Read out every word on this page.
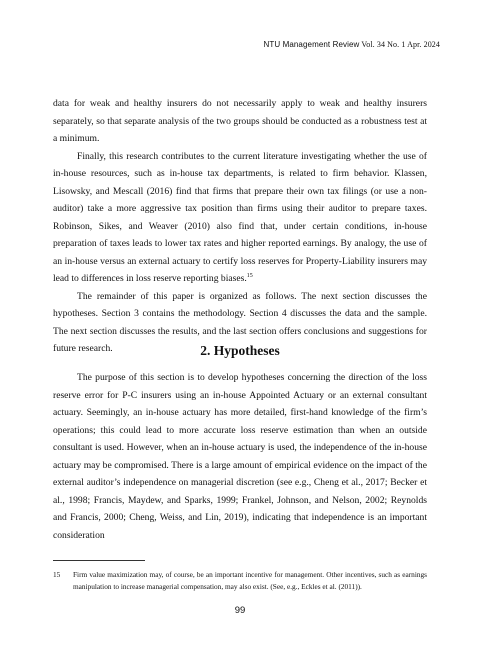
NTU Management Review Vol. 34 No. 1 Apr. 2024

data for weak and healthy insurers do not necessarily apply to weak and healthy insurers separately, so that separate analysis of the two groups should be conducted as a robustness test at a minimum.

Finally, this research contributes to the current literature investigating whether the use of in-house resources, such as in-house tax departments, is related to firm behavior. Klassen, Lisowsky, and Mescall (2016) find that firms that prepare their own tax filings (or use a non-auditor) take a more aggressive tax position than firms using their auditor to prepare taxes. Robinson, Sikes, and Weaver (2010) also find that, under certain conditions, in-house preparation of taxes leads to lower tax rates and higher reported earnings. By analogy, the use of an in-house versus an external actuary to certify loss reserves for Property-Liability insurers may lead to differences in loss reserve reporting biases.$^{15}$

The remainder of this paper is organized as follows. The next section discusses the hypotheses. Section 3 contains the methodology. Section 4 discusses the data and the sample. The next section discusses the results, and the last section offers conclusions and suggestions for future research.	2. Hypotheses

The purpose of this section is to develop hypotheses concerning the direction of the loss reserve error for P-C insurers using an in-house Appointed Actuary or an external consultant actuary. Seemingly, an in-house actuary has more detailed, first-hand knowledge of the firm’s operations; this could lead to more accurate loss reserve estimation than when an outside consultant is used. However, when an in-house actuary is used, the independence of the in-house actuary may be compromised. There is a large amount of empirical evidence on the impact of the external auditor’s independence on managerial discretion (see e.g., Cheng et al., 2017; Becker et al., 1998; Francis, Maydew, and Sparks, 1999; Frankel, Johnson, and Nelson, 2002; Reynolds and Francis, 2000; Cheng, Weiss, and Lin, 2019), indicating that independence is an important consideration

15	Firm value maximization may, of course, be an important incentive for management. Other incentives, such as earnings manipulation to increase managerial compensation, may also exist. (See, e.g., Eckles et al. (2011)).
99
